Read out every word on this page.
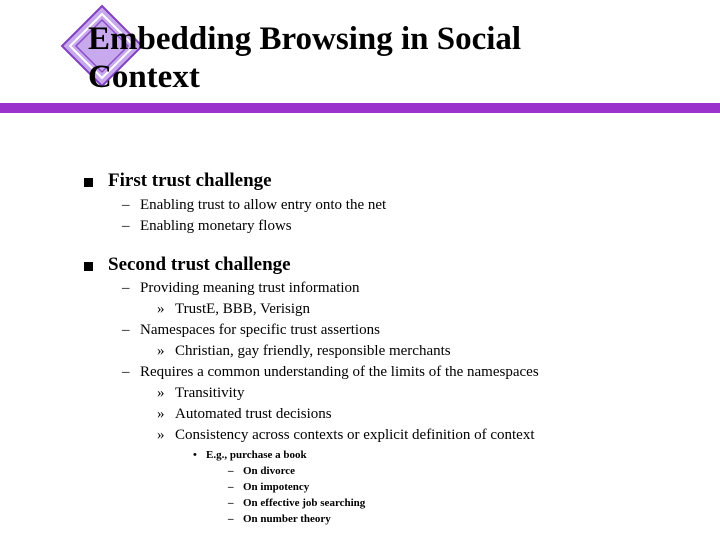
Embedding Browsing in Social
Context
First trust challenge
– Enabling trust to allow entry onto the net
– Enabling monetary flows
Second trust challenge
– Providing meaning trust information
» TrustE, BBB, Verisign
– Namespaces for specific trust assertions
» Christian, gay friendly, responsible merchants
– Requires a common understanding of the limits of the namespaces
» Transitivity
» Automated trust decisions
» Consistency across contexts or explicit definition of context
• E.g., purchase a book
– On divorce
– On impotency
– On effective job searching
– On number theory
